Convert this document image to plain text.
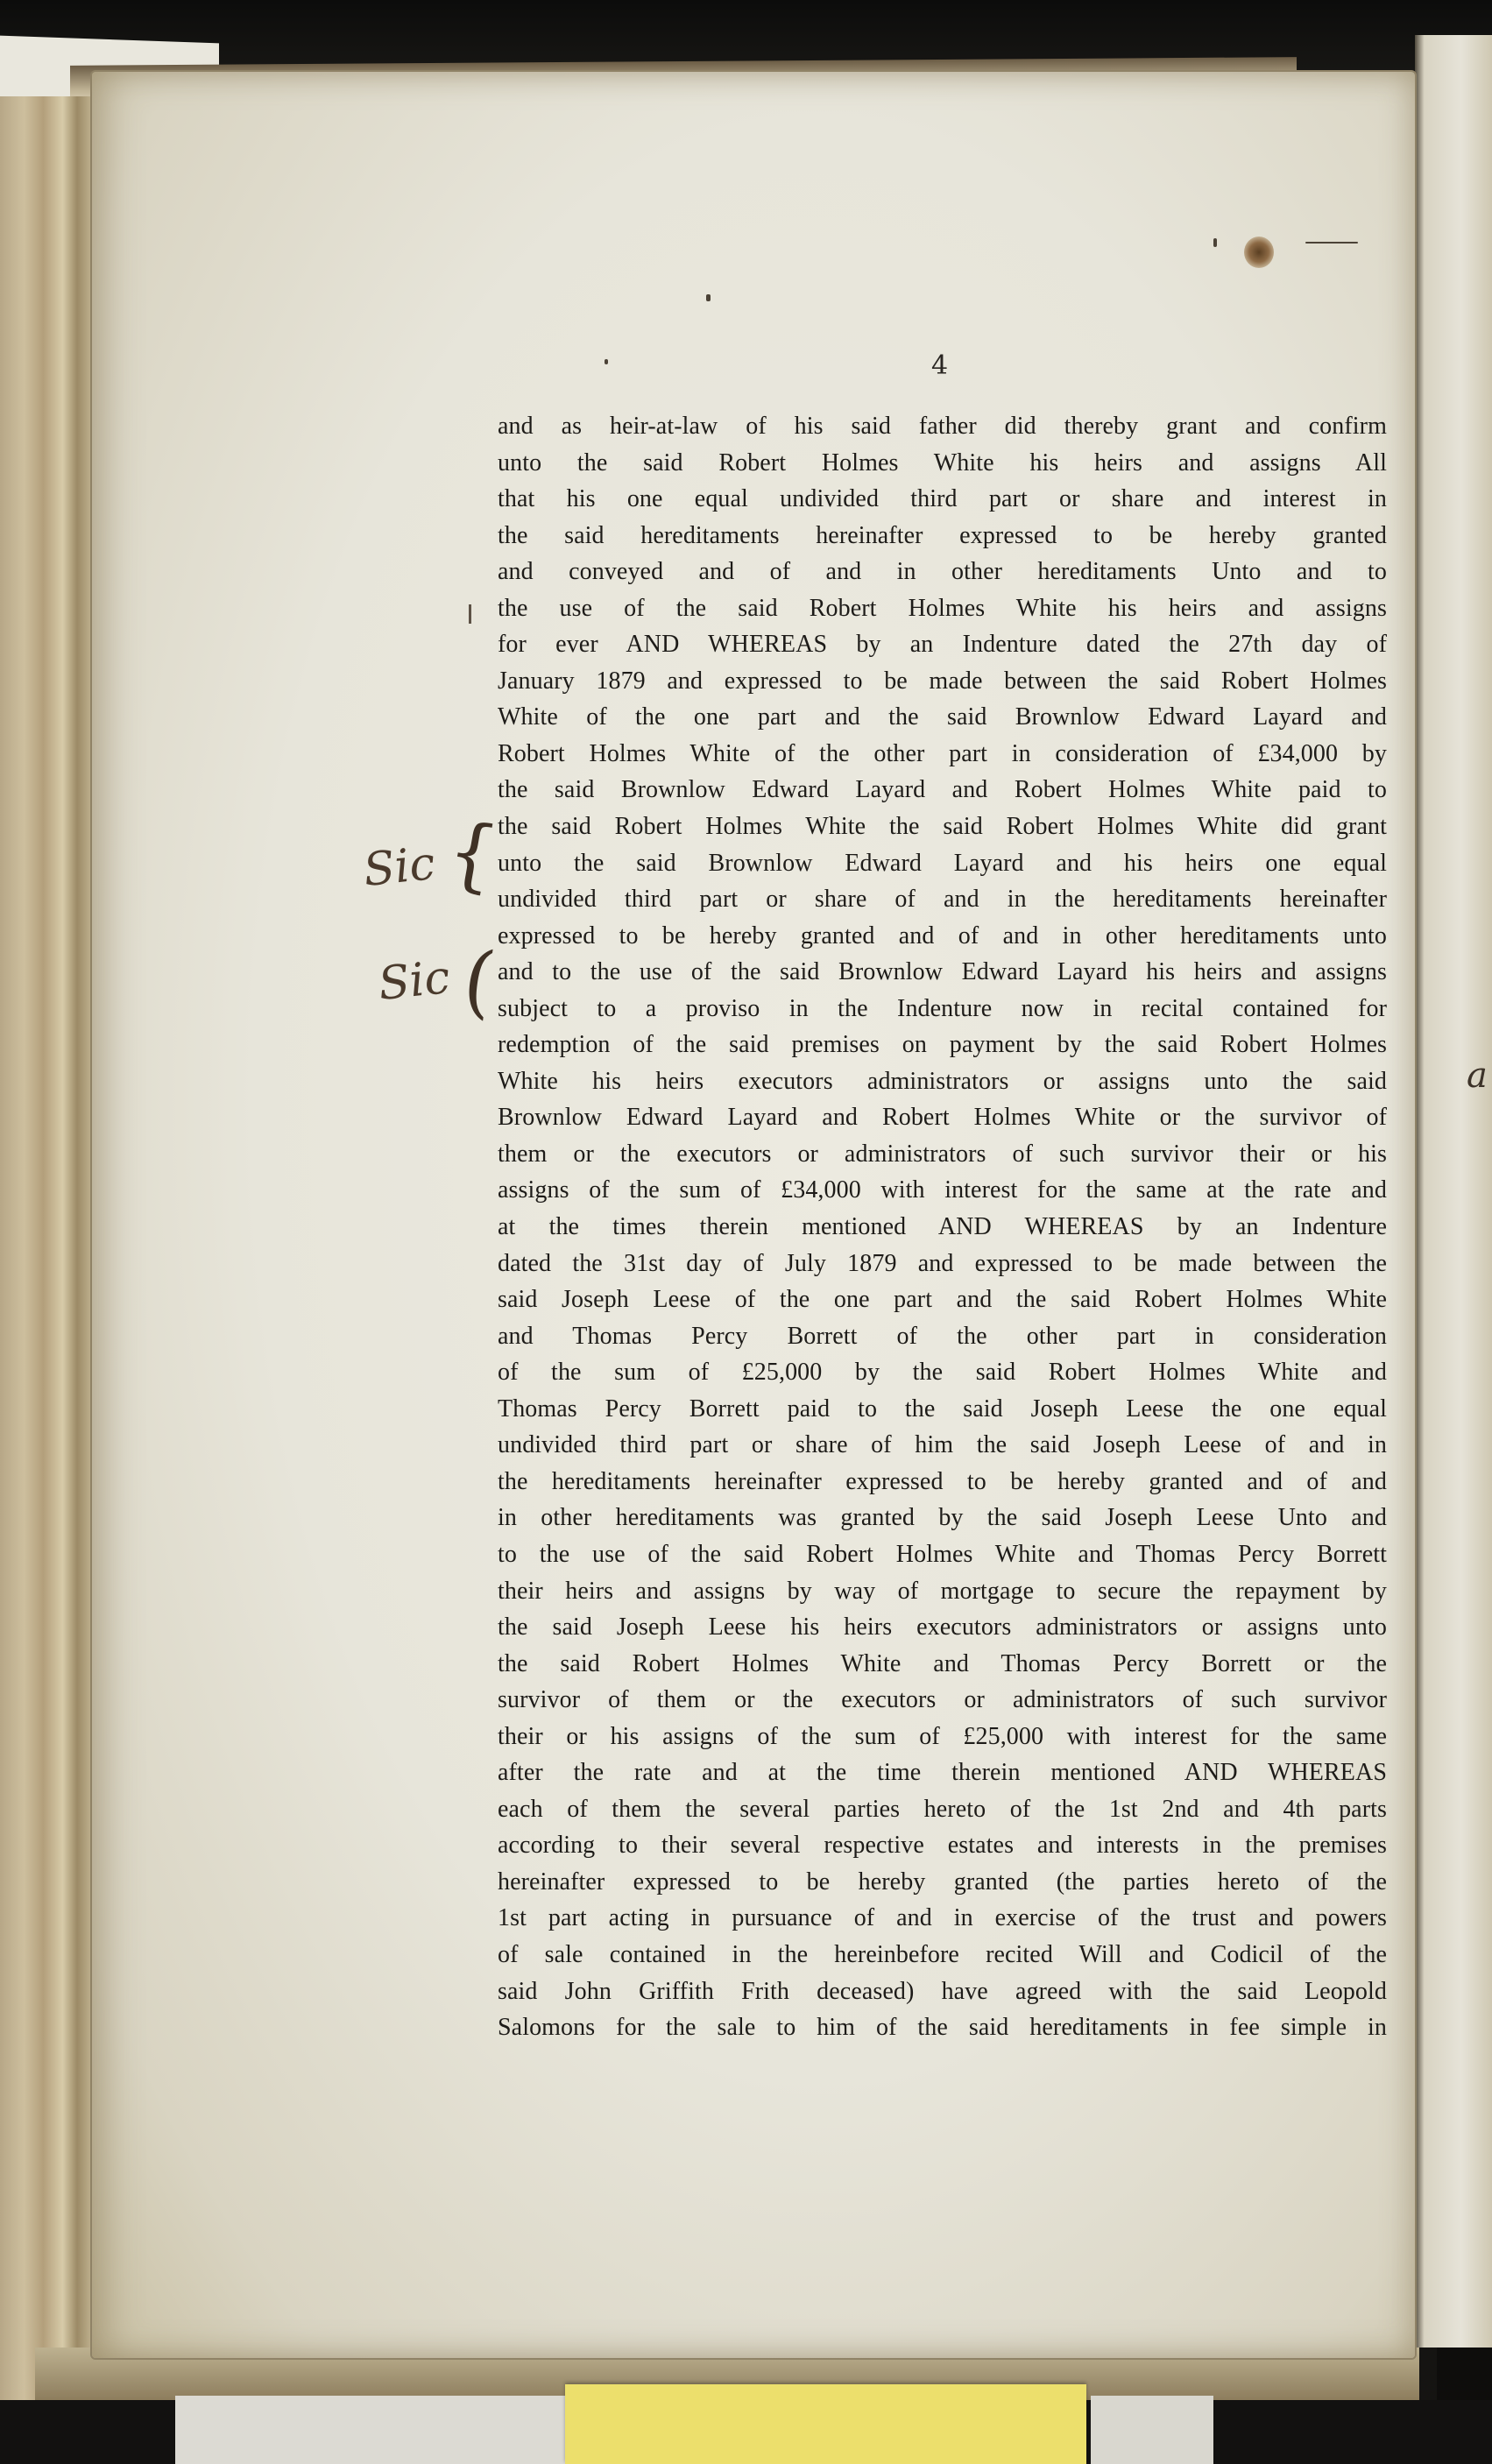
4
Sic {
Sic (
a
and as heir-at-law of his said father did thereby grant and confirm
unto the said Robert Holmes White his heirs and assigns All
that his one equal undivided third part or share and interest in
the said hereditaments hereinafter expressed to be hereby granted
and conveyed and of and in other hereditaments Unto and to
the use of the said Robert Holmes White his heirs and assigns
for ever AND WHEREAS by an Indenture dated the 27th day of
January 1879 and expressed to be made between the said Robert Holmes
White of the one part and the said Brownlow Edward Layard and
Robert Holmes White of the other part in consideration of £34,000 by
the said Brownlow Edward Layard and Robert Holmes White paid to
the said Robert Holmes White the said Robert Holmes White did grant
unto the said Brownlow Edward Layard and his heirs one equal
undivided third part or share of and in the hereditaments hereinafter
expressed to be hereby granted and of and in other hereditaments unto
and to the use of the said Brownlow Edward Layard his heirs and assigns
subject to a proviso in the Indenture now in recital contained for
redemption of the said premises on payment by the said Robert Holmes
White his heirs executors administrators or assigns unto the said
Brownlow Edward Layard and Robert Holmes White or the survivor of
them or the executors or administrators of such survivor their or his
assigns of the sum of £34,000 with interest for the same at the rate and
at the times therein mentioned AND WHEREAS by an Indenture
dated the 31st day of July 1879 and expressed to be made between the
said Joseph Leese of the one part and the said Robert Holmes White
and Thomas Percy Borrett of the other part in consideration
of the sum of £25,000 by the said Robert Holmes White and
Thomas Percy Borrett paid to the said Joseph Leese the one equal
undivided third part or share of him the said Joseph Leese of and in
the hereditaments hereinafter expressed to be hereby granted and of and
in other hereditaments was granted by the said Joseph Leese Unto and
to the use of the said Robert Holmes White and Thomas Percy Borrett
their heirs and assigns by way of mortgage to secure the repayment by
the said Joseph Leese his heirs executors administrators or assigns unto
the said Robert Holmes White and Thomas Percy Borrett or the
survivor of them or the executors or administrators of such survivor
their or his assigns of the sum of £25,000 with interest for the same
after the rate and at the time therein mentioned AND WHEREAS
each of them the several parties hereto of the 1st 2nd and 4th parts
according to their several respective estates and interests in the premises
hereinafter expressed to be hereby granted (the parties hereto of the
1st part acting in pursuance of and in exercise of the trust and powers
of sale contained in the hereinbefore recited Will and Codicil of the
said John Griffith Frith deceased) have agreed with the said Leopold
Salomons for the sale to him of the said hereditaments in fee simple in
